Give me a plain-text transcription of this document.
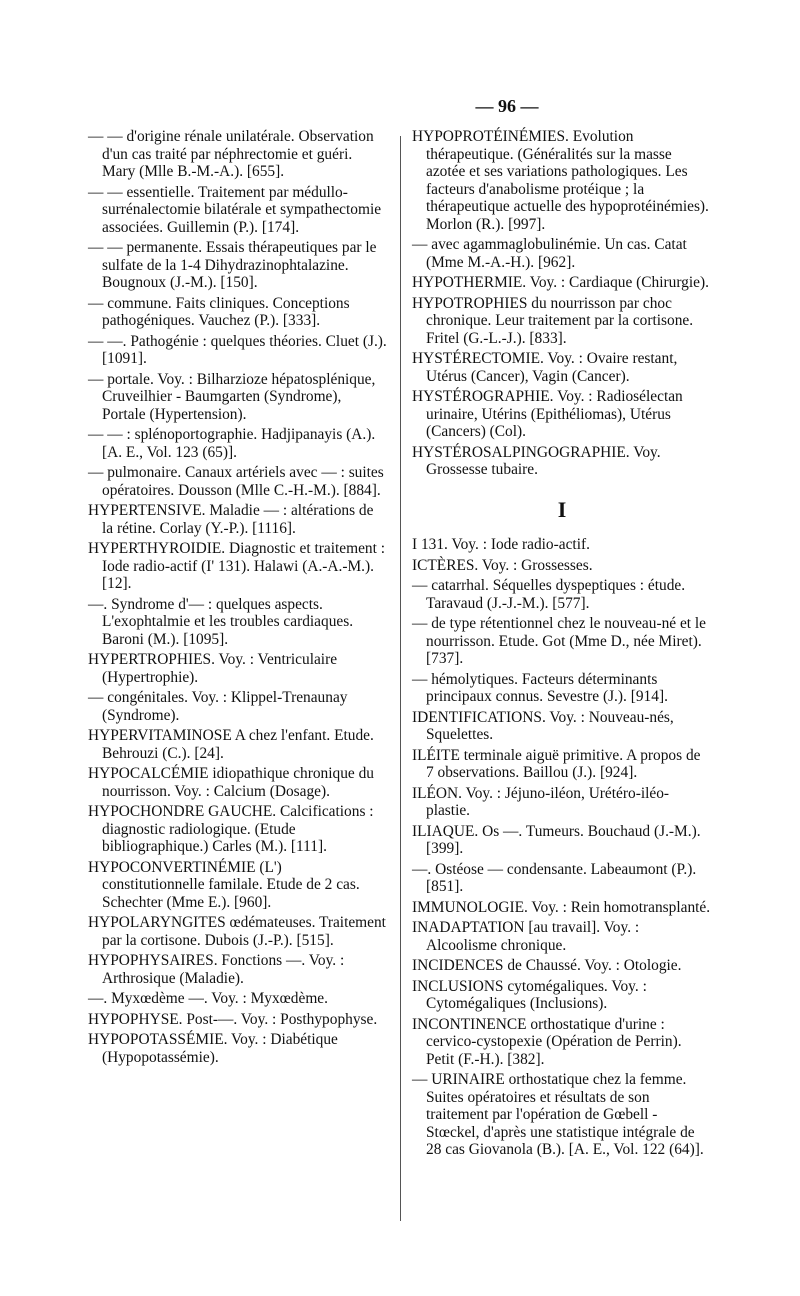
— 96 —

— — d'origine rénale unilatérale. Observation d'un cas traité par néphrectomie et guéri. Mary (Mlle B.-M.-A.). [655].

— — essentielle. Traitement par médullo-surrénalectomie bilatérale et sympathectomie associées. Guillemin (P.). [174].

— — permanente. Essais thérapeutiques par le sulfate de la 1-4 Dihydrazinophtalazine. Bougnoux (J.-M.). [150].

— commune. Faits cliniques. Conceptions pathogéniques. Vauchez (P.). [333].

— —. Pathogénie : quelques théories. Cluet (J.). [1091].

— portale. Voy. : Bilharzioze hépatosplénique, Cruveilhier - Baumgarten (Syndrome), Portale (Hypertension).

— — : splénoportographie. Hadjipanayis (A.). [A. E., Vol. 123 (65)].

— pulmonaire. Canaux artériels avec — : suites opératoires. Dousson (Mlle C.-H.-M.). [884].

HYPERTENSIVE. Maladie — : altérations de la rétine. Corlay (Y.-P.). [1116].

HYPERTHYROIDIE. Diagnostic et traitement : Iode radio-actif (I' 131). Halawi (A.-A.-M.). [12].

—. Syndrome d'— : quelques aspects. L'exophtalmie et les troubles cardiaques. Baroni (M.). [1095].

HYPERTROPHIES. Voy. : Ventriculaire (Hypertrophie).

— congénitales. Voy. : Klippel-Trenaunay (Syndrome).

HYPERVITAMINOSE A chez l'enfant. Etude. Behrouzi (C.). [24].

HYPOCALCÉMIE idiopathique chronique du nourrisson. Voy. : Calcium (Dosage).

HYPOCHONDRE GAUCHE. Calcifications : diagnostic radiologique. (Etude bibliographique.) Carles (M.). [111].

HYPOCONVERTINÉMIE (L') constitutionnelle familale. Etude de 2 cas. Schechter (Mme E.). [960].

HYPOLARYNGITES œdémateuses. Traitement par la cortisone. Dubois (J.-P.). [515].

HYPOPHYSAIRES. Fonctions —. Voy. : Arthrosique (Maladie).

—. Myxœdème —. Voy. : Myxœdème.

HYPOPHYSE. Post-—. Voy. : Posthypophyse.

HYPOPOTASSÉMIE. Voy. : Diabétique (Hypopotassémie).

HYPOPROTÉINÉMIES. Evolution thérapeutique. (Généralités sur la masse azotée et ses variations pathologiques. Les facteurs d'anabolisme protéique ; la thérapeutique actuelle des hypoprotéinémies). Morlon (R.). [997].

— avec agammaglobulinémie. Un cas. Catat (Mme M.-A.-H.). [962].

HYPOTHERMIE. Voy. : Cardiaque (Chirurgie).

HYPOTROPHIES du nourrisson par choc chronique. Leur traitement par la cortisone. Fritel (G.-L.-J.). [833].

HYSTÉRECTOMIE. Voy. : Ovaire restant, Utérus (Cancer), Vagin (Cancer).

HYSTÉROGRAPHIE. Voy. : Radiosélectan urinaire, Utérins (Epithéliomas), Utérus (Cancers) (Col).

HYSTÉROSALPINGOGRAPHIE. Voy. Grossesse tubaire.

I

I 131. Voy. : Iode radio-actif.

ICTÈRES. Voy. : Grossesses.

— catarrhal. Séquelles dyspeptiques : étude. Taravaud (J.-J.-M.). [577].

— de type rétentionnel chez le nouveau-né et le nourrisson. Etude. Got (Mme D., née Miret). [737].

— hémolytiques. Facteurs déterminants principaux connus. Sevestre (J.). [914].

IDENTIFICATIONS. Voy. : Nouveau-nés, Squelettes.

ILÉITE terminale aiguë primitive. A propos de 7 observations. Baillou (J.). [924].

ILÉON. Voy. : Jéjuno-iléon, Urétéro-iléo-plastie.

ILIAQUE. Os —. Tumeurs. Bouchaud (J.-M.). [399].

—. Ostéose — condensante. Labeaumont (P.). [851].

IMMUNOLOGIE. Voy. : Rein homotransplanté.

INADAPTATION [au travail]. Voy. : Alcoolisme chronique.

INCIDENCES de Chaussé. Voy. : Otologie.

INCLUSIONS cytomégaliques. Voy. : Cytomégaliques (Inclusions).

INCONTINENCE orthostatique d'urine : cervico-cystopexie (Opération de Perrin). Petit (F.-H.). [382].

— URINAIRE orthostatique chez la femme. Suites opératoires et résultats de son traitement par l'opération de Gœbell - Stœckel, d'après une statistique intégrale de 28 cas Giovanola (B.). [A. E., Vol. 122 (64)].
